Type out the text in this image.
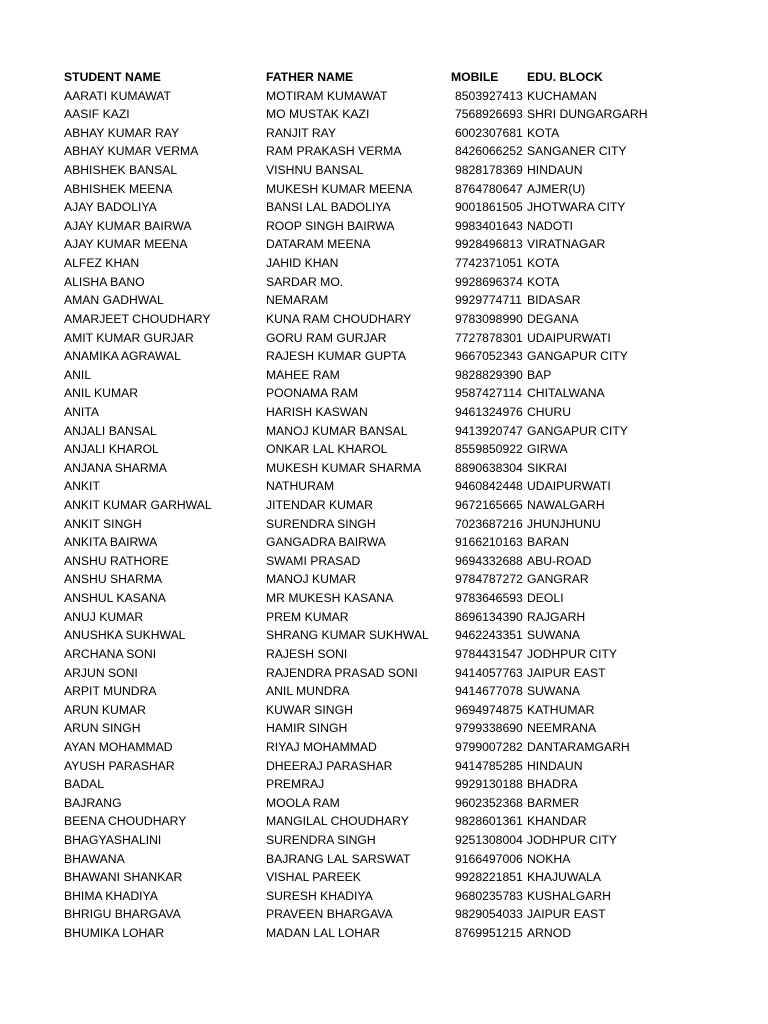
STUDENT NAME	FATHER NAME	MOBILE EDU. BLOCK
AARATI KUMAWAT	MOTIRAM KUMAWAT	8503927413 KUCHAMAN
AASIF KAZI	MO MUSTAK KAZI	7568926693 SHRI DUNGARGARH
ABHAY KUMAR RAY	RANJIT RAY	6002307681 KOTA
ABHAY KUMAR VERMA	RAM PRAKASH VERMA	8426066252 SANGANER CITY
ABHISHEK BANSAL	VISHNU BANSAL	9828178369 HINDAUN
ABHISHEK MEENA	MUKESH KUMAR MEENA	8764780647 AJMER(U)
AJAY BADOLIYA	BANSI LAL BADOLIYA	9001861505 JHOTWARA CITY
AJAY KUMAR BAIRWA	ROOP SINGH BAIRWA	9983401643 NADOTI
AJAY KUMAR MEENA	DATARAM MEENA	9928496813 VIRATNAGAR
ALFEZ KHAN	JAHID KHAN	7742371051 KOTA
ALISHA BANO	SARDAR MO.	9928696374 KOTA
AMAN GADHWAL	NEMARAM	9929774711 BIDASAR
AMARJEET CHOUDHARY	KUNA RAM CHOUDHARY	9783098990 DEGANA
AMIT KUMAR GURJAR	GORU RAM GURJAR	7727878301 UDAIPURWATI
ANAMIKA AGRAWAL	RAJESH KUMAR GUPTA	9667052343 GANGAPUR CITY
ANIL	MAHEE RAM	9828829390 BAP
ANIL KUMAR	POONAMA RAM	9587427114 CHITALWANA
ANITA	HARISH KASWAN	9461324976 CHURU
ANJALI BANSAL	MANOJ KUMAR BANSAL	9413920747 GANGAPUR CITY
ANJALI KHAROL	ONKAR LAL KHAROL	8559850922 GIRWA
ANJANA SHARMA	MUKESH KUMAR SHARMA	8890638304 SIKRAI
ANKIT	NATHURAM	9460842448 UDAIPURWATI
ANKIT KUMAR GARHWAL	JITENDAR KUMAR	9672165665 NAWALGARH
ANKIT SINGH	SURENDRA SINGH	7023687216 JHUNJHUNU
ANKITA BAIRWA	GANGADRA BAIRWA	9166210163 BARAN
ANSHU RATHORE	SWAMI PRASAD	9694332688 ABU-ROAD
ANSHU SHARMA	MANOJ KUMAR	9784787272 GANGRAR
ANSHUL KASANA	MR MUKESH KASANA	9783646593 DEOLI
ANUJ KUMAR	PREM KUMAR	8696134390 RAJGARH
ANUSHKA SUKHWAL	SHRANG KUMAR SUKHWAL 9462243351 SUWANA
ARCHANA SONI	RAJESH SONI	9784431547 JODHPUR CITY
ARJUN SONI	RAJENDRA PRASAD SONI	9414057763 JAIPUR EAST
ARPIT MUNDRA	ANIL MUNDRA	9414677078 SUWANA
ARUN KUMAR	KUWAR SINGH	9694974875 KATHUMAR
ARUN SINGH	HAMIR SINGH	9799338690 NEEMRANA
AYAN MOHAMMAD	RIYAJ MOHAMMAD	9799007282 DANTARAMGARH
AYUSH PARASHAR	DHEERAJ PARASHAR	9414785285 HINDAUN
BADAL	PREMRAJ	9929130188 BHADRA
BAJRANG	MOOLA RAM	9602352368 BARMER
BEENA CHOUDHARY	MANGILAL CHOUDHARY	9828601361 KHANDAR
BHAGYASHALINI	SURENDRA SINGH	9251308004 JODHPUR CITY
BHAWANA	BAJRANG LAL SARSWAT	9166497006 NOKHA
BHAWANI SHANKAR	VISHAL PAREEK	9928221851 KHAJUWALA
BHIMA KHADIYA	SURESH KHADIYA	9680235783 KUSHALGARH
BHRIGU BHARGAVA	PRAVEEN BHARGAVA	9829054033 JAIPUR EAST
BHUMIKA LOHAR	MADAN LAL LOHAR	8769951215 ARNOD
